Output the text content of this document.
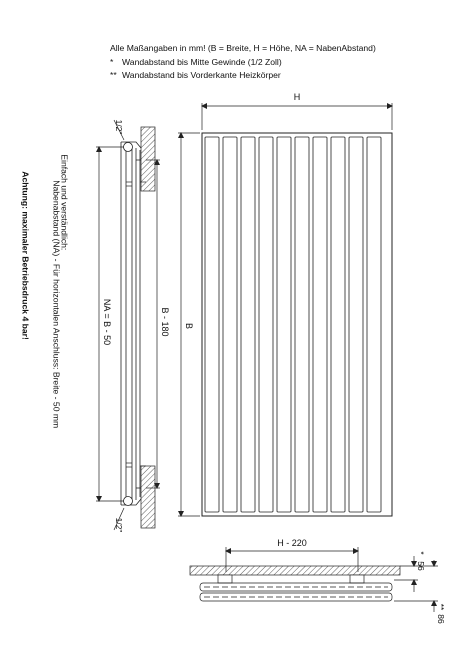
Alle Maßangaben in mm! (B = Breite, H = Höhe, NA = NabenAbstand)
* Wandabstand bis Mitte Gewinde (1/2 Zoll)
** Wandabstand bis Vorderkante Heizkörper
Einfach und verständlich:
Nabenabstand (NA) - Für horizontalen Anschluss: Breite - 50 mm
Achtung: maximaler Betriebsdruck 4 bar!
H
B
B - 180
NA = B - 50
1/2"
1/2"
H - 220
56
*
86
**
